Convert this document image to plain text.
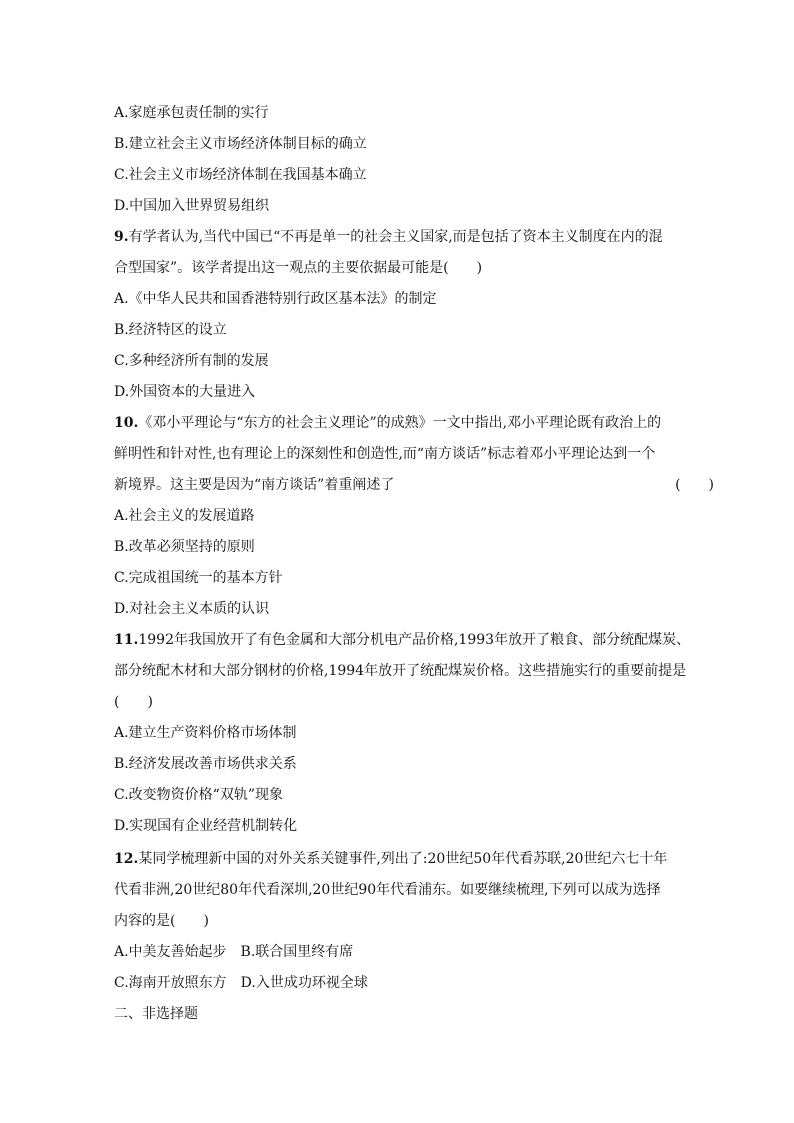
A.家庭承包责任制的实行
B.建立社会主义市场经济体制目标的确立
C.社会主义市场经济体制在我国基本确立
D.中国加入世界贸易组织
9.有学者认为,当代中国已“不再是单一的社会主义国家,而是包括了资本主义制度在内的混
合型国家”。该学者提出这一观点的主要依据最可能是(　　)
A.《中华人民共和国香港特别行政区基本法》的制定
B.经济特区的设立
C.多种经济所有制的发展
D.外国资本的大量进入
10.《邓小平理论与“东方的社会主义理论”的成熟》一文中指出,邓小平理论既有政治上的
鲜明性和针对性,也有理论上的深刻性和创造性,而“南方谈话”标志着邓小平理论达到一个
新境界。这主要是因为“南方谈话”着重阐述了	(　　)
A.社会主义的发展道路
B.改革必须坚持的原则
C.完成祖国统一的基本方针
D.对社会主义本质的认识
11.1992年我国放开了有色金属和大部分机电产品价格,1993年放开了粮食、部分统配煤炭、
部分统配木材和大部分钢材的价格,1994年放开了统配煤炭价格。这些措施实行的重要前提是
(　　)
A.建立生产资料价格市场体制
B.经济发展改善市场供求关系
C.改变物资价格“双轨”现象
D.实现国有企业经营机制转化
12.某同学梳理新中国的对外关系关键事件,列出了:20世纪50年代看苏联,20世纪六七十年
代看非洲,20世纪80年代看深圳,20世纪90年代看浦东。如要继续梳理,下列可以成为选择
内容的是(　　)
A.中美友善始起步　B.联合国里终有席
C.海南开放照东方　D.入世成功环视全球
二、非选择题
